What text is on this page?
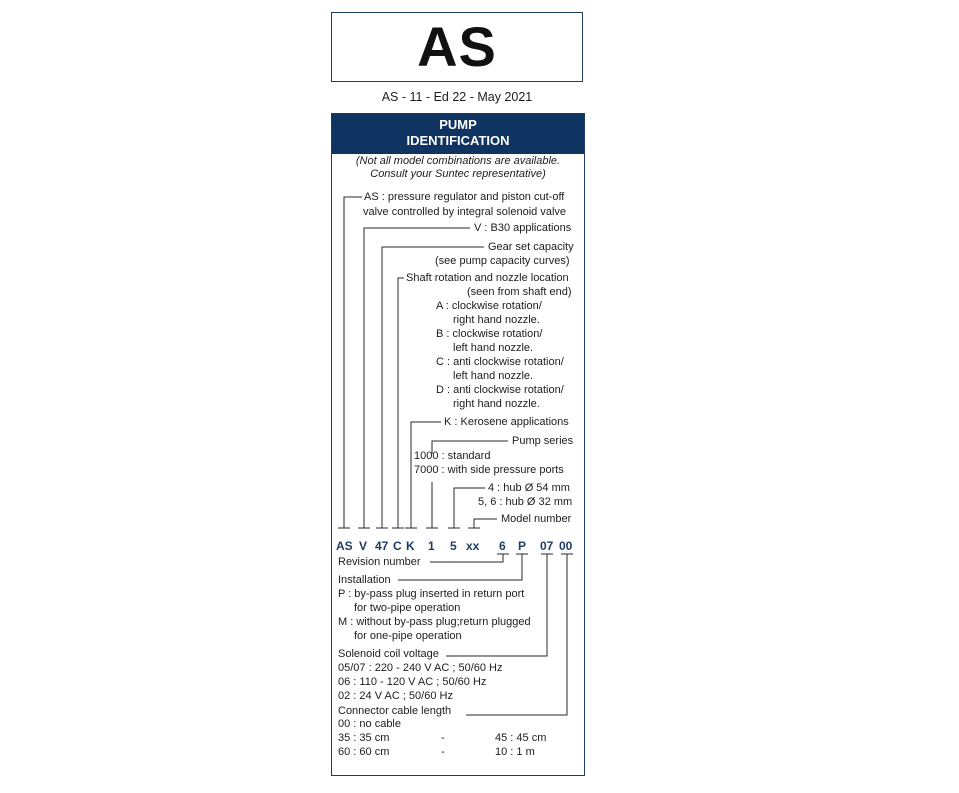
AS
AS - 11 - Ed 22 - May 2021
PUMP
IDENTIFICATION
(Not all model combinations are available.
Consult your Suntec representative)
AS : pressure regulator and piston cut-off
valve controlled by integral solenoid valve
V : B30 applications
Gear set capacity
(see pump capacity curves)
Shaft rotation and nozzle location
(seen from shaft end)
A : clockwise rotation/
right hand nozzle.
B : clockwise rotation/
left hand nozzle.
C : anti clockwise rotation/
left hand nozzle.
D : anti clockwise rotation/
right hand nozzle.
K : Kerosene applications
Pump series
1000 : standard
7000 : with side pressure ports
4 : hub Ø 54 mm
5, 6 : hub Ø 32 mm
Model number
AS V 47 C K 1 5 xx 6 P 07 00
Revision number
Installation
P : by-pass plug inserted in return port
for two-pipe operation
M : without by-pass plug;return plugged
for one-pipe operation
Solenoid coil voltage
05/07 : 220 - 240 V AC ; 50/60 Hz
06 : 110 - 120 V AC ; 50/60 Hz
02 : 24 V AC ; 50/60 Hz
Connector cable length
00 : no cable
35 : 35 cm	-	45 : 45 cm
60 : 60 cm	-	10 : 1 m
